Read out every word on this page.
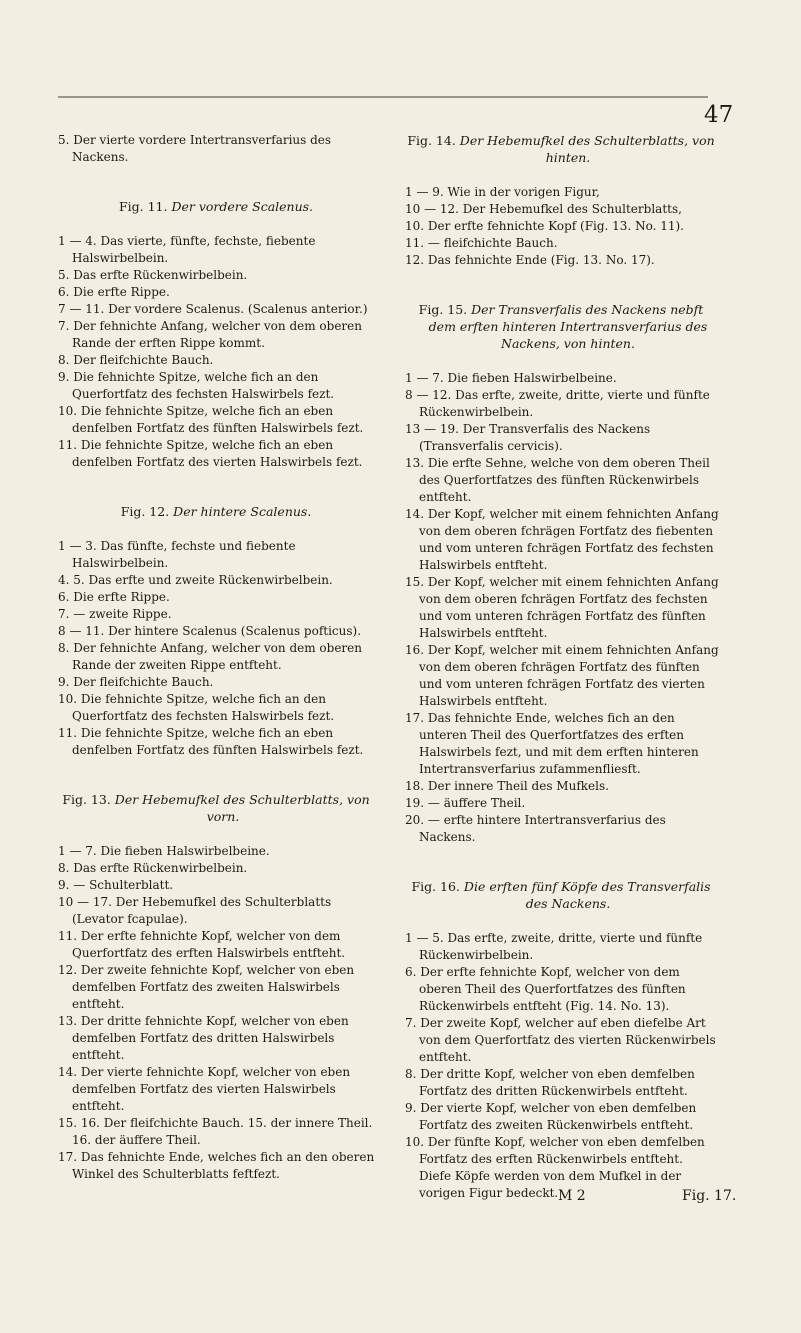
47

5. Der vierte vordere Intertransverfarius des Nackens.

Fig. 11. Der vordere Scalenus.

1 — 4. Das vierte, fünfte, fechste, fiebente Halswirbelbein.

5. Das erfte Rückenwirbelbein.

6. Die erfte Rippe.

7 — 11. Der vordere Scalenus. (Scalenus anterior.)

7. Der fehnichte Anfang, welcher von dem oberen Rande der erften Rippe kommt.

8. Der fleifchichte Bauch.

9. Die fehnichte Spitze, welche fich an den Querfortfatz des fechsten Halswirbels fezt.

10. Die fehnichte Spitze, welche fich an eben denfelben Fortfatz des fünften Halswirbels fezt.

11. Die fehnichte Spitze, welche fich an eben denfelben Fortfatz des vierten Halswirbels fezt.

Fig. 12. Der hintere Scalenus.

1 — 3. Das fünfte, fechste und fiebente Halswirbelbein.

4. 5. Das erfte und zweite Rückenwirbelbein.

6. Die erfte Rippe.

7. — zweite Rippe.

8 — 11. Der hintere Scalenus (Scalenus pofticus).

8. Der fehnichte Anfang, welcher von dem oberen Rande der zweiten Rippe entfteht.

9. Der fleifchichte Bauch.

10. Die fehnichte Spitze, welche fich an den Querfortfatz des fechsten Halswirbels fezt.

11. Die fehnichte Spitze, welche fich an eben denfelben Fortfatz des fünften Halswirbels fezt.

Fig. 13. Der Hebemufkel des Schulterblatts, von vorn.

1 — 7. Die fieben Halswirbelbeine.

8. Das erfte Rückenwirbelbein.

9. — Schulterblatt.

10 — 17. Der Hebemufkel des Schulterblatts (Levator fcapulae).

11. Der erfte fehnichte Kopf, welcher von dem Querfortfatz des erften Halswirbels entfteht.

12. Der zweite fehnichte Kopf, welcher von eben demfelben Fortfatz des zweiten Halswirbels entfteht.

13. Der dritte fehnichte Kopf, welcher von eben demfelben Fortfatz des dritten Halswirbels entfteht.

14. Der vierte fehnichte Kopf, welcher von eben demfelben Fortfatz des vierten Halswirbels entfteht.

15. 16. Der fleifchichte Bauch. 15. der innere Theil. 16. der äuffere Theil.

17. Das fehnichte Ende, welches fich an den oberen Winkel des Schulterblatts feftfezt.

Fig. 14. Der Hebemufkel des Schulterblatts, von hinten.

1 — 9. Wie in der vorigen Figur,

10 — 12. Der Hebemufkel des Schulterblatts,

10. Der erfte fehnichte Kopf (Fig. 13. No. 11).

11. — fleifchichte Bauch.

12. Das fehnichte Ende (Fig. 13. No. 17).

Fig. 15. Der Transverfalis des Nackens nebft dem erften hinteren Intertransverfarius des Nackens, von hinten.

1 — 7. Die fieben Halswirbelbeine.

8 — 12. Das erfte, zweite, dritte, vierte und fünfte Rückenwirbelbein.

13 — 19. Der Transverfalis des Nackens (Transverfalis cervicis).

13. Die erfte Sehne, welche von dem oberen Theil des Querfortfatzes des fünften Rückenwirbels entfteht.

14. Der Kopf, welcher mit einem fehnichten Anfang von dem oberen fchrägen Fortfatz des fiebenten und vom unteren fchrägen Fortfatz des fechsten Halswirbels entfteht.

15. Der Kopf, welcher mit einem fehnichten Anfang von dem oberen fchrägen Fortfatz des fechsten und vom unteren fchrägen Fortfatz des fünften Halswirbels entfteht.

16. Der Kopf, welcher mit einem fehnichten Anfang von dem oberen fchrägen Fortfatz des fünften und vom unteren fchrägen Fortfatz des vierten Halswirbels entfteht.

17. Das fehnichte Ende, welches fich an den unteren Theil des Querfortfatzes des erften Halswirbels fezt, und mit dem erften hinteren Intertransverfarius zufammenfliesft.

18. Der innere Theil des Mufkels.

19. — äuffere Theil.

20. — erfte hintere Intertransverfarius des Nackens.

Fig. 16. Die erften fünf Köpfe des Transverfalis des Nackens.

1 — 5. Das erfte, zweite, dritte, vierte und fünfte Rückenwirbelbein.

6. Der erfte fehnichte Kopf, welcher von dem oberen Theil des Querfortfatzes des fünften Rückenwirbels entfteht (Fig. 14. No. 13).

7. Der zweite Kopf, welcher auf eben diefelbe Art von dem Querfortfatz des vierten Rückenwirbels entfteht.

8. Der dritte Kopf, welcher von eben demfelben Fortfatz des dritten Rückenwirbels entfteht.

9. Der vierte Kopf, welcher von eben demfelben Fortfatz des zweiten Rückenwirbels entfteht.

10. Der fünfte Kopf, welcher von eben demfelben Fortfatz des erften Rückenwirbels entfteht.

Diefe Köpfe werden von dem Mufkel in der vorigen Figur bedeckt. M 2	Fig. 17.
